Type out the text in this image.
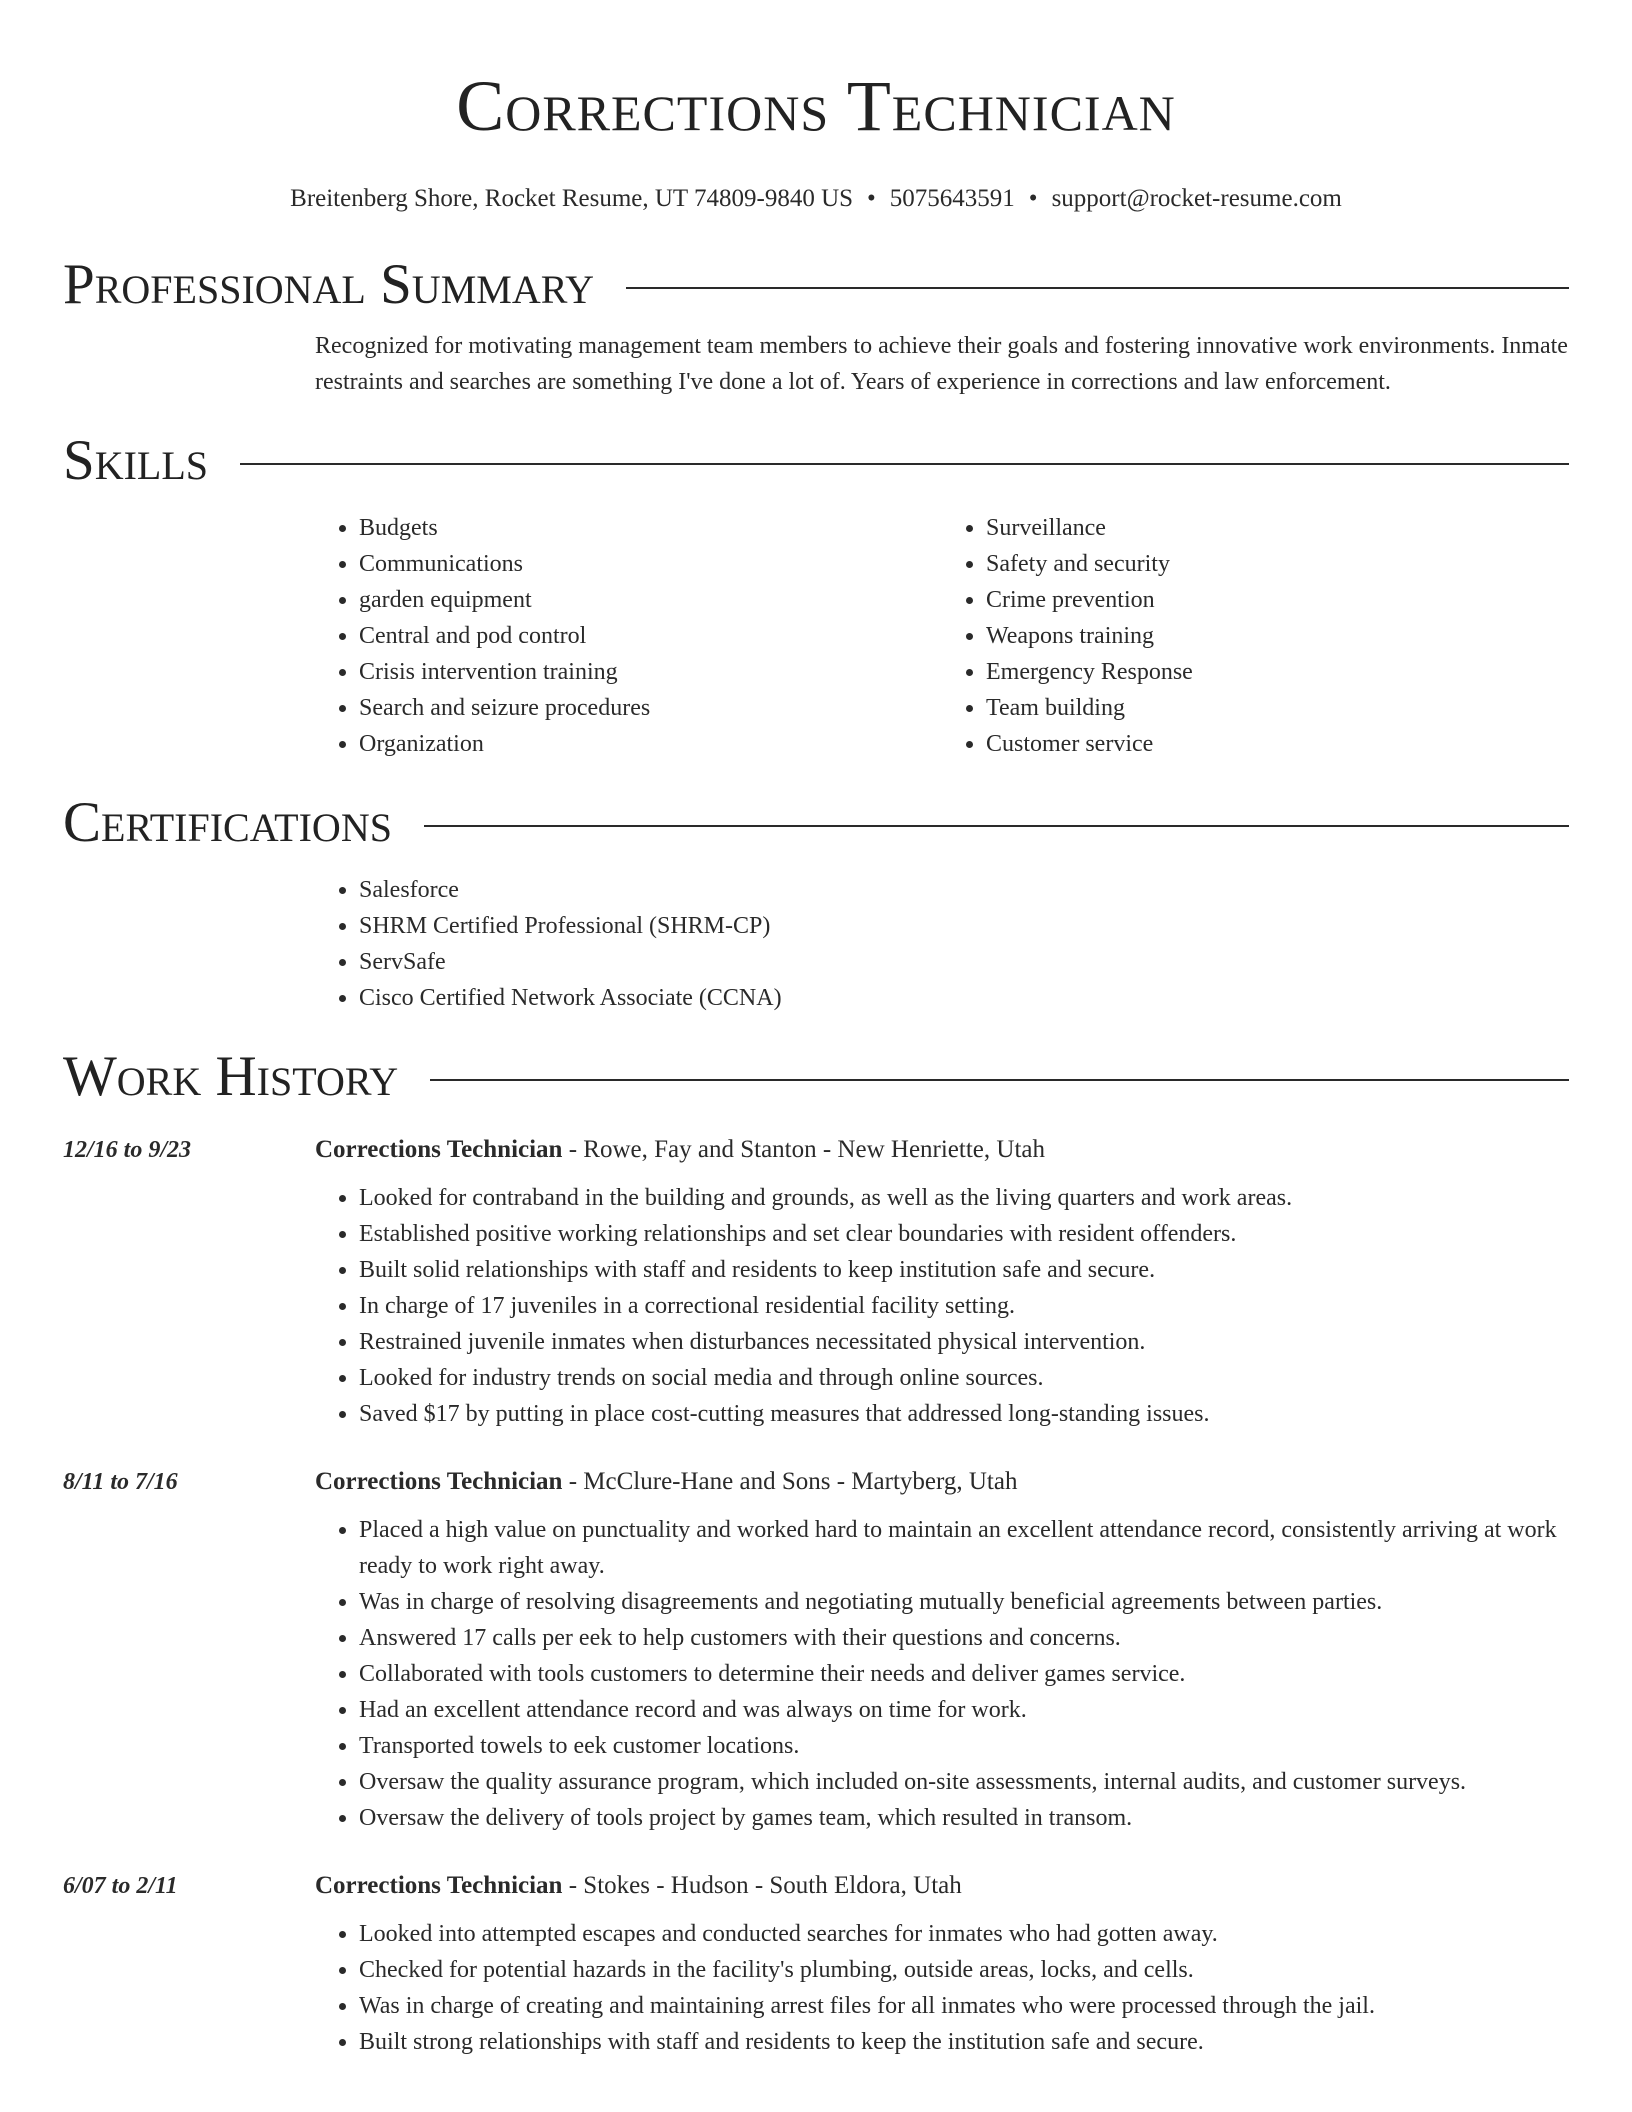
Corrections Technician
Breitenberg Shore, Rocket Resume, UT 74809-9840 US • 5075643591 • support@rocket-resume.com
Professional Summary
Recognized for motivating management team members to achieve their goals and fostering innovative work environments. Inmate restraints and searches are something I've done a lot of. Years of experience in corrections and law enforcement.
Skills
• Budgets
• Communications
• garden equipment
• Central and pod control
• Crisis intervention training
• Search and seizure procedures
• Organization
• Surveillance
• Safety and security
• Crime prevention
• Weapons training
• Emergency Response
• Team building
• Customer service
Certifications
• Salesforce
• SHRM Certified Professional (SHRM-CP)
• ServSafe
• Cisco Certified Network Associate (CCNA)
Work History
12/16 to 9/23	Corrections Technician - Rowe, Fay and Stanton - New Henriette, Utah
• Looked for contraband in the building and grounds, as well as the living quarters and work areas.
• Established positive working relationships and set clear boundaries with resident offenders.
• Built solid relationships with staff and residents to keep institution safe and secure.
• In charge of 17 juveniles in a correctional residential facility setting.
• Restrained juvenile inmates when disturbances necessitated physical intervention.
• Looked for industry trends on social media and through online sources.
• Saved $17 by putting in place cost-cutting measures that addressed long-standing issues.
8/11 to 7/16	Corrections Technician - McClure-Hane and Sons - Martyberg, Utah
• Placed a high value on punctuality and worked hard to maintain an excellent attendance record, consistently arriving at work ready to work right away.
• Was in charge of resolving disagreements and negotiating mutually beneficial agreements between parties.
• Answered 17 calls per eek to help customers with their questions and concerns.
• Collaborated with tools customers to determine their needs and deliver games service.
• Had an excellent attendance record and was always on time for work.
• Transported towels to eek customer locations.
• Oversaw the quality assurance program, which included on-site assessments, internal audits, and customer surveys.
• Oversaw the delivery of tools project by games team, which resulted in transom.
6/07 to 2/11	Corrections Technician - Stokes - Hudson - South Eldora, Utah
• Looked into attempted escapes and conducted searches for inmates who had gotten away.
• Checked for potential hazards in the facility's plumbing, outside areas, locks, and cells.
• Was in charge of creating and maintaining arrest files for all inmates who were processed through the jail.
• Built strong relationships with staff and residents to keep the institution safe and secure.
